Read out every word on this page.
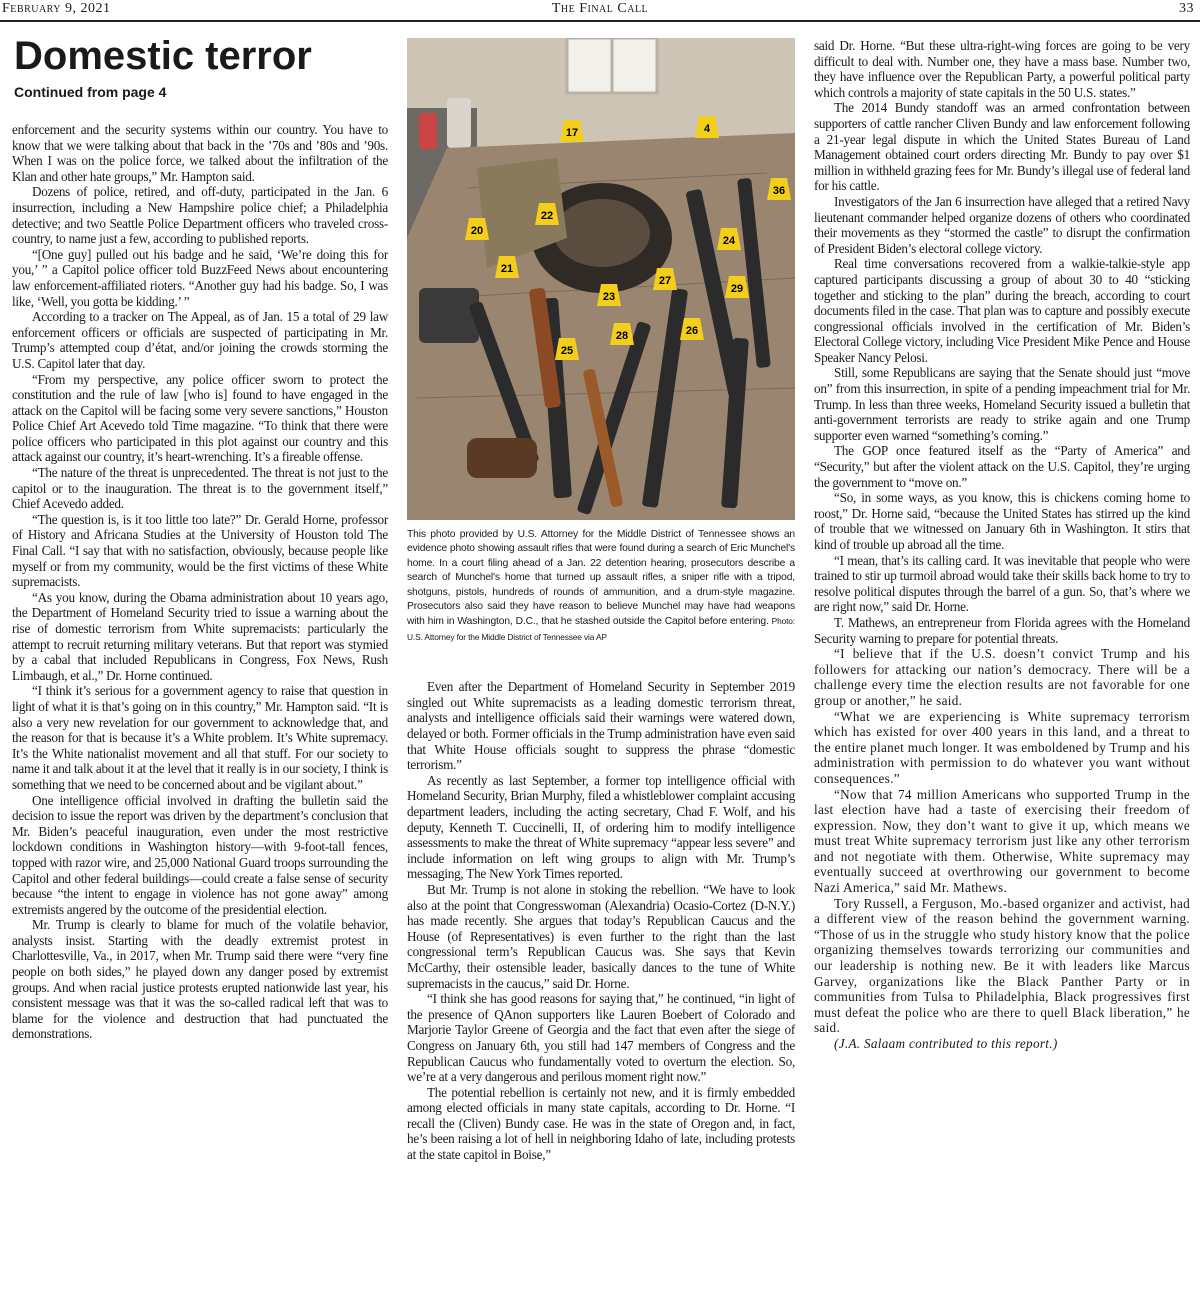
February 9, 2021	The Final Call	33
Domestic terror
Continued from page 4

enforcement and the security systems within our country. You have to know that we were talking about that back in the ’70s and ’80s and ’90s. When I was on the police force, we talked about the infiltration of the Klan and other hate groups,” Mr. Hampton said.

Dozens of police, retired, and off-duty, participated in the Jan. 6 insurrection, including a New Hampshire police chief; a Philadelphia detective; and two Seattle Police Department officers who traveled cross-country, to name just a few, according to published reports.

“[One guy] pulled out his badge and he said, ‘We’re doing this for you,’ ” a Capitol police officer told BuzzFeed News about encountering law enforcement-affiliated rioters. “Another guy had his badge. So, I was like, ‘Well, you gotta be kidding.’ ”

According to a tracker on The Appeal, as of Jan. 15 a total of 29 law enforcement officers or officials are suspected of participating in Mr. Trump’s attempted coup d’état, and/or joining the crowds storming the U.S. Capitol later that day.

“From my perspective, any police officer sworn to protect the constitution and the rule of law [who is] found to have engaged in the attack on the Capitol will be facing some very severe sanctions,” Houston Police Chief Art Acevedo told Time magazine. “To think that there were police officers who participated in this plot against our country and this attack against our country, it’s heart-wrenching. It’s a fireable offense.

“The nature of the threat is unprecedented. The threat is not just to the capitol or to the inauguration. The threat is to the government itself,” Chief Acevedo added.

“The question is, is it too little too late?” Dr. Gerald Horne, professor of History and Africana Studies at the University of Houston told The Final Call. “I say that with no satisfaction, obviously, because people like myself or from my community, would be the first victims of these White supremacists.

“As you know, during the Obama administration about 10 years ago, the Department of Homeland Security tried to issue a warning about the rise of domestic terrorism from White supremacists: particularly the attempt to recruit returning military veterans. But that report was stymied by a cabal that included Republicans in Congress, Fox News, Rush Limbaugh, et al.,” Dr. Horne continued.

“I think it’s serious for a government agency to raise that question in light of what it is that’s going on in this country,” Mr. Hampton said. “It is also a very new revelation for our government to acknowledge that, and the reason for that is because it’s a White problem. It’s White supremacy. It’s the White nationalist movement and all that stuff. For our society to name it and talk about it at the level that it really is in our society, I think is something that we need to be concerned about and be vigilant about.”

One intelligence official involved in drafting the bulletin said the decision to issue the report was driven by the department’s conclusion that Mr. Biden’s peaceful inauguration, even under the most restrictive lockdown conditions in Washington history—with 9-foot-tall fences, topped with razor wire, and 25,000 National Guard troops surrounding the Capitol and other federal buildings—could create a false sense of security because “the intent to engage in violence has not gone away” among extremists angered by the outcome of the presidential election.

Mr. Trump is clearly to blame for much of the volatile behavior, analysts insist. Starting with the deadly extremist protest in Charlottesville, Va., in 2017, when Mr. Trump said there were “very fine people on both sides,” he played down any danger posed by extremist groups. And when racial justice protests erupted nationwide last year, his consistent message was that it was the so-called radical left that was to blame for the violence and destruction that had punctuated the demonstrations.

17	4
36
20
22
24
21
27
23
29
25
26
28
This photo provided by U.S. Attorney for the Middle District of Tennessee shows an evidence photo showing assault rifles that were found during a search of Eric Munchel's home. In a court filing ahead of a Jan. 22 detention hearing, prosecutors describe a search of Munchel's home that turned up assault rifles, a sniper rifle with a tripod, shotguns, pistols, hundreds of rounds of ammunition, and a drum-style magazine. Prosecutors also said they have reason to believe Munchel may have had weapons with him in Washington, D.C., that he stashed outside the Capitol before entering. Photo: U.S. Attorney for the Middle District of Tennessee via AP

Even after the Department of Homeland Security in September 2019 singled out White supremacists as a leading domestic terrorism threat, analysts and intelligence officials said their warnings were watered down, delayed or both. Former officials in the Trump administration have even said that White House officials sought to suppress the phrase “domestic terrorism.”

As recently as last September, a former top intelligence official with Homeland Security, Brian Murphy, filed a whistleblower complaint accusing department leaders, including the acting secretary, Chad F. Wolf, and his deputy, Kenneth T. Cuccinelli, II, of ordering him to modify intelligence assessments to make the threat of White supremacy “appear less severe” and include information on left wing groups to align with Mr. Trump’s messaging, The New York Times reported.

But Mr. Trump is not alone in stoking the rebellion. “We have to look also at the point that Congresswoman (Alexandria) Ocasio-Cortez (D-N.Y.) has made recently. She argues that today’s Republican Caucus and the House (of Representatives) is even further to the right than the last congressional term’s Republican Caucus was. She says that Kevin McCarthy, their ostensible leader, basically dances to the tune of White supremacists in the caucus,” said Dr. Horne.

“I think she has good reasons for saying that,” he continued, “in light of the presence of QAnon supporters like Lauren Boebert of Colorado and Marjorie Taylor Greene of Georgia and the fact that even after the siege of Congress on January 6th, you still had 147 members of Congress and the Republican Caucus who fundamentally voted to overturn the election. So, we’re at a very dangerous and perilous moment right now.”

The potential rebellion is certainly not new, and it is firmly embedded among elected officials in many state capitals, according to Dr. Horne. “I recall the (Cliven) Bundy case. He was in the state of Oregon and, in fact, he’s been raising a lot of hell in neighboring Idaho of late, including protests at the state capitol in Boise,”

said Dr. Horne. “But these ultra-right-wing forces are going to be very difficult to deal with. Number one, they have a mass base. Number two, they have influence over the Republican Party, a powerful political party which controls a majority of state capitals in the 50 U.S. states.”

The 2014 Bundy standoff was an armed confrontation between supporters of cattle rancher Cliven Bundy and law enforcement following a 21-year legal dispute in which the United States Bureau of Land Management obtained court orders directing Mr. Bundy to pay over $1 million in withheld grazing fees for Mr. Bundy’s illegal use of federal land for his cattle.

Investigators of the Jan 6 insurrection have alleged that a retired Navy lieutenant commander helped organize dozens of others who coordinated their movements as they “stormed the castle” to disrupt the confirmation of President Biden’s electoral college victory.

Real time conversations recovered from a walkie-talkie-style app captured participants discussing a group of about 30 to 40 “sticking together and sticking to the plan” during the breach, according to court documents filed in the case. That plan was to capture and possibly execute congressional officials involved in the certification of Mr. Biden’s Electoral College victory, including Vice President Mike Pence and House Speaker Nancy Pelosi.

Still, some Republicans are saying that the Senate should just “move on” from this insurrection, in spite of a pending impeachment trial for Mr. Trump. In less than three weeks, Homeland Security issued a bulletin that anti-government terrorists are ready to strike again and one Trump supporter even warned “something’s coming.”

The GOP once featured itself as the “Party of America” and “Security,” but after the violent attack on the U.S. Capitol, they’re urging the government to “move on.”

“So, in some ways, as you know, this is chickens coming home to roost,” Dr. Horne said, “because the United States has stirred up the kind of trouble that we witnessed on January 6th in Washington. It stirs that kind of trouble up abroad all the time.

“I mean, that’s its calling card. It was inevitable that people who were trained to stir up turmoil abroad would take their skills back home to try to resolve political disputes through the barrel of a gun. So, that’s where we are right now,” said Dr. Horne.

T. Mathews, an entrepreneur from Florida agrees with the Homeland Security warning to prepare for potential threats.

“I believe that if the U.S. doesn’t convict Trump and his followers for attacking our nation’s democracy. There will be a challenge every time the election results are not favorable for one group or another,” he said.

“What we are experiencing is White supremacy terrorism which has existed for over 400 years in this land, and a threat to the entire planet much longer. It was emboldened by Trump and his administration with permission to do whatever you want without consequences.”

“Now that 74 million Americans who supported Trump in the last election have had a taste of exercising their freedom of expression. Now, they don’t want to give it up, which means we must treat White supremacy terrorism just like any other terrorism and not negotiate with them. Otherwise, White supremacy may eventually succeed at overthrowing our government to become Nazi America,” said Mr. Mathews.

Tory Russell, a Ferguson, Mo.-based organizer and activist, had a different view of the reason behind the government warning. “Those of us in the struggle who study history know that the police organizing themselves towards terrorizing our communities and our leadership is nothing new. Be it with leaders like Marcus Garvey, organizations like the Black Panther Party or in communities from Tulsa to Philadelphia, Black progressives first must defeat the police who are there to quell Black liberation,” he said.

(J.A. Salaam contributed to this report.)
